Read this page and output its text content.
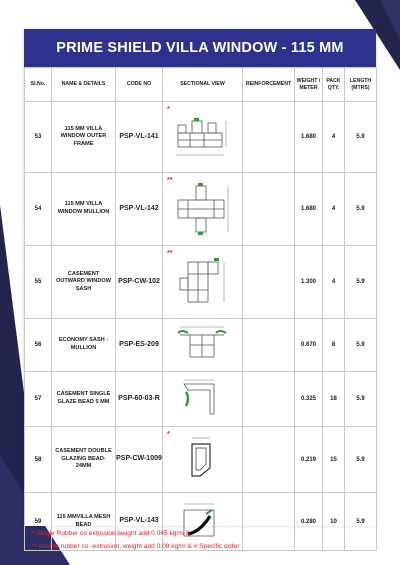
PRIME SHIELD VILLA WINDOW - 115 MM
Sl.No.	NAME & DETAILS	CODE NO	SECTIONAL VIEW	REINFORCEMENT	WEIGHT / METER	PACK QTY.	LENGTH (MTRS)
53	115 MM VILLA WINDOW OUTER FRAME	PSP-VL-141	*		1.680	4	5.9
54	115 MM VILLA WINDOW MULLION	PSP-VL-142	**		1.680	4	5.9
55	CASEMENT OUTWARD WINDOW SASH	PSP-CW-102	**		1.300	4	5.9
56	ECONOMY SASH - MULLION	PSP-ES-209			0.670	8	5.9
57	CASEMENT SINGLE GLAZE BEAD 5 MM	PSP-60-03-R			0.325	18	5.9
58	CASEMENT DOUBLE GLAZING BEAD-24MM	PSP-CW-1009	*		0.219	15	5.9
59	115 MMVILLA MESH BEAD	PSP-VL-143			0.280	10	5.9

* Single Rubber co extrusion weight add 0.045 kg/m &

** double rubber co -extrusion, weight add 0.09 kg/m & # Specific order
